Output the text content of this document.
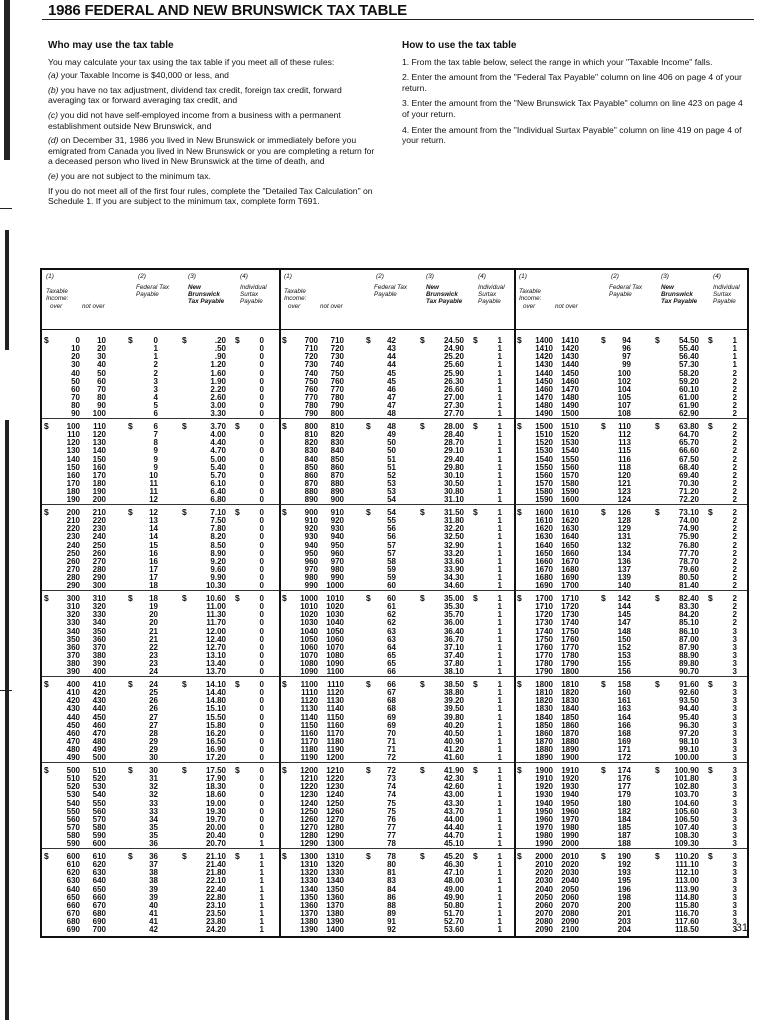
1986 FEDERAL AND NEW BRUNSWICK TAX TABLE
Who may use the tax table
You may calculate your tax using the tax table if you meet all of these rules:
(a) your Taxable Income is $40,000 or less, and
(b) you have no tax adjustment, dividend tax credit, foreign tax credit, forward averaging tax or forward averaging tax credit, and
(c) you did not have self-employed income from a business with a permanent establishment outside New Brunswick, and
(d) on December 31, 1986 you lived in New Brunswick or immediately before you emigrated from Canada you lived in New Brunswick or you are completing a return for a deceased person who lived in New Brunswick at the time of death, and
(e) you are not subject to the minimum tax.
If you do not meet all of the first four rules, complete the "Detailed Tax Calculation" on Schedule 1. If you are subject to the minimum tax, complete form T691.
How to use the tax table
1. From the tax table below, select the range in which your "Taxable Income" falls.
2. Enter the amount from the "Federal Tax Payable" column on line 406 on page 4 of your return.
3. Enter the amount from the "New Brunswick Tax Payable" column on line 423 on page 4 of your return.
4. Enter the amount from the "Individual Surtax Payable" column on line 419 on page 4 of your return.
(1)	(2)	(3)	(4)
Taxable Income:
over	not over
Federal Tax Payable
New Brunswick Tax Payable
Individual Surtax Payable
$	$	$	$
0 10	0	.20	0
10 20	1	.50	0
20 30	1	.90	0
30 40	2	1.20	0
40 50	2	1.60	0
50 60	3	1.90	0
60 70	3	2.20	0
70 80	4	2.60	0
80 90	5	3.00	0
90 100	6	3.30	0
$	$	$	$
100 110	6	3.70	0
110 120	7	4.00	0
120 130	8	4.40	0
130 140	9	4.70	0
140 150	9	5.00	0
150 160	9	5.40	0
160 170	10	5.70	0
170 180	11	6.10	0
180 190	11	6.40	0
190 200	12	6.80	0
$	$	$	$
200 210	12	7.10	0
210 220	13	7.50	0
220 230	14	7.80	0
230 240	14	8.20	0
240 250	15	8.50	0
250 260	16	8.90	0
260 270	16	9.20	0
270 280	17	9.60	0
280 290	17	9.90	0
290 300	18	10.30	0
$	$	$	$
300 310	18	10.60	0
310 320	19	11.00	0
320 330	20	11.30	0
330 340	20	11.70	0
340 350	21	12.00	0
350 360	21	12.40	0
360 370	22	12.70	0
370 380	23	13.10	0
380 390	23	13.40	0
390 400	24	13.70	0
$	$	$	$
400 410	24	14.10	0
410 420	25	14.40	0
420 430	26	14.80	0
430 440	26	15.10	0
440 450	27	15.50	0
450 460	27	15.80	0
460 470	28	16.20	0
470 480	29	16.50	0
480 490	29	16.90	0
490 500	30	17.20	0
$	$	$	$
500 510	30	17.50	0
510 520	31	17.90	0
520 530	32	18.30	0
530 540	32	18.60	0
540 550	33	19.00	0
550 560	33	19.30	0
560 570	34	19.70	0
570 580	35	20.00	0
580 590	35	20.40	0
590 600	36	20.70	1
$	$	$	$
600 610	36	21.10	1
610 620	37	21.40	1
620 630	38	21.80	1
630 640	38	22.10	1
640 650	39	22.40	1
650 660	39	22.80	1
660 670	40	23.10	1
670 680	41	23.50	1
680 690	41	23.80	1
690 700	42	24.20	1
(1)	(2)	(3)	(4)
Taxable Income:
over	not over
Federal Tax Payable
New Brunswick Tax Payable
Individual Surtax Payable
$	$	$	$
700 710	42	24.50	1
710 720	43	24.90	1
720 730	44	25.20	1
730 740	44	25.60	1
740 750	45	25.90	1
750 760	45	26.30	1
760 770	46	26.60	1
770 780	47	27.00	1
780 790	47	27.30	1
790 800	48	27.70	1
$	$	$	$
800 810	48	28.00	1
810 820	49	28.40	1
820 830	50	28.70	1
830 840	50	29.10	1
840 850	51	29.40	1
850 860	51	29.80	1
860 870	52	30.10	1
870 880	53	30.50	1
880 890	53	30.80	1
890 900	54	31.10	1
$	$	$	$
900 910	54	31.50	1
910 920	55	31.80	1
920 930	56	32.20	1
930 940	56	32.50	1
940 950	57	32.90	1
950 960	57	33.20	1
960 970	58	33.60	1
970 980	59	33.90	1
980 990	59	34.30	1
990 1000	60	34.60	1
$	$	$	$
1000 1010	60	35.00	1
1010 1020	61	35.30	1
1020 1030	62	35.70	1
1030 1040	62	36.00	1
1040 1050	63	36.40	1
1050 1060	63	36.70	1
1060 1070	64	37.10	1
1070 1080	65	37.40	1
1080 1090	65	37.80	1
1090 1100	66	38.10	1
$	$	$	$
1100 1110	66	38.50	1
1110 1120	67	38.80	1
1120 1130	68	39.20	1
1130 1140	68	39.50	1
1140 1150	69	39.80	1
1150 1160	69	40.20	1
1160 1170	70	40.50	1
1170 1180	71	40.90	1
1180 1190	71	41.20	1
1190 1200	72	41.60	1
$	$	$	$
1200 1210	72	41.90	1
1210 1220	73	42.30	1
1220 1230	74	42.60	1
1230 1240	74	43.00	1
1240 1250	75	43.30	1
1250 1260	75	43.70	1
1260 1270	76	44.00	1
1270 1280	77	44.40	1
1280 1290	77	44.70	1
1290 1300	78	45.10	1
$	$	$	$
1300 1310	78	45.20	1
1310 1320	80	46.30	1
1320 1330	81	47.10	1
1330 1340	83	48.00	1
1340 1350	84	49.00	1
1350 1360	86	49.90	1
1360 1370	88	50.80	1
1370 1380	89	51.70	1
1380 1390	91	52.70	1
1390 1400	92	53.60	1
(1)	(2)	(3)	(4)
Taxable Income:
over	not over
Federal Tax Payable
New Brunswick Tax Payable
Individual Surtax Payable
$	$	$	$
1400 1410	94	54.50	1
1410 1420	96	55.40	1
1420 1430	97	56.40	1
1430 1440	99	57.30	1
1440 1450	100	58.20	2
1450 1460	102	59.20	2
1460 1470	104	60.10	2
1470 1480	105	61.00	2
1480 1490	107	61.90	2
1490 1500	108	62.90	2
$	$	$	$
1500 1510	110	63.80	2
1510 1520	112	64.70	2
1520 1530	113	65.70	2
1530 1540	115	66.60	2
1540 1550	116	67.50	2
1550 1560	118	68.40	2
1560 1570	120	69.40	2
1570 1580	121	70.30	2
1580 1590	123	71.20	2
1590 1600	124	72.20	2
$	$	$	$
1600 1610	126	73.10	2
1610 1620	128	74.00	2
1620 1630	129	74.90	2
1630 1640	131	75.90	2
1640 1650	132	76.80	2
1650 1660	134	77.70	2
1660 1670	136	78.70	2
1670 1680	137	79.60	2
1680 1690	139	80.50	2
1690 1700	140	81.40	2
$	$	$	$
1700 1710	142	82.40	2
1710 1720	144	83.30	2
1720 1730	145	84.20	2
1730 1740	147	85.10	2
1740 1750	148	86.10	3
1750 1760	150	87.00	3
1760 1770	152	87.90	3
1770 1780	153	88.90	3
1780 1790	155	89.80	3
1790 1800	156	90.70	3
$	$	$	$
1800 1810	158	91.60	3
1810 1820	160	92.60	3
1820 1830	161	93.50	3
1830 1840	163	94.40	3
1840 1850	164	95.40	3
1850 1860	166	96.30	3
1860 1870	168	97.20	3
1870 1880	169	98.10	3
1880 1890	171	99.10	3
1890 1900	172	100.00	3
$	$	$	$
1900 1910	174	100.90	3
1910 1920	176	101.80	3
1920 1930	177	102.80	3
1930 1940	179	103.70	3
1940 1950	180	104.60	3
1950 1960	182	105.60	3
1960 1970	184	106.50	3
1970 1980	185	107.40	3
1980 1990	187	108.30	3
1990 2000	188	109.30	3
$	$	$	$
2000 2010	190	110.20	3
2010 2020	192	111.10	3
2020 2030	193	112.10	3
2030 2040	195	113.00	3
2040 2050	196	113.90	3
2050 2060	198	114.80	3
2060 2070	200	115.80	3
2070 2080	201	116.70	3
2080 2090	203	117.60	3
2090 2100	204	118.50	3
31
